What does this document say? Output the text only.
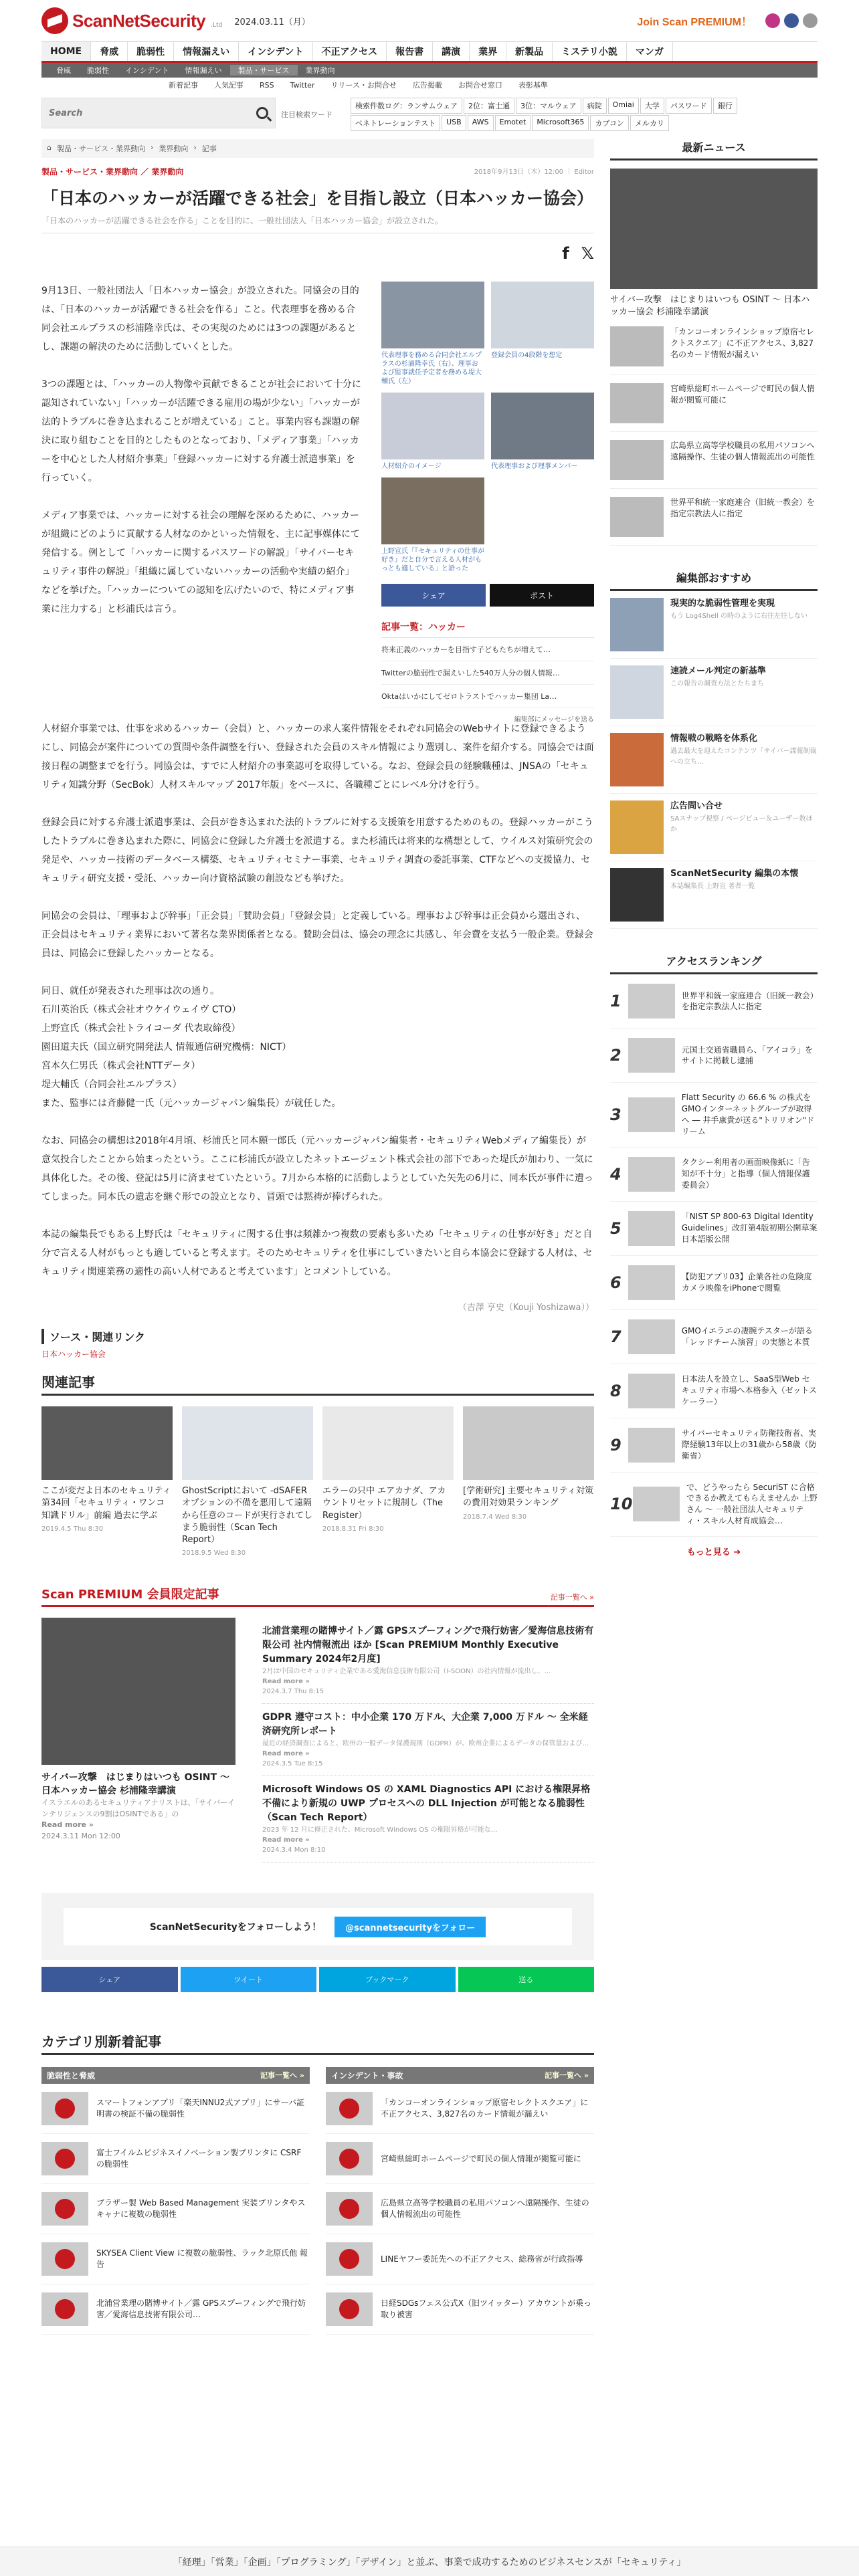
ScanNetSecurity .Ltd 2024.03.11（月）	Join Scan PREMIUM！
HOME	脅威	脆弱性	情報漏えい	インシデント	不正アクセス	報告書	講演	業界	新製品	ミステリ小説	マンガ
脅威	脆弱性	インシデント	情報漏えい	製品・サービス	業界動向
新着記事 人気記事 RSS Twitter リリース・お問合せ 広告掲載 お問合せ窓口 表彰基準
Search
注目検索ワード
検索件数ログ：ランサムウェア	2位：富士通	3位：マルウェア	病院	Omiai	大学	パスワード	銀行
ペネトレーションテスト	USB	AWS	Emotet	Microsoft365	カプコン	メルカリ
⌂ 製品・サービス・業界動向 › 業界動向 › 記事
製品・サービス・業界動向 ／ 業界動向	2018年9月13日（木）12:00 ｜ Editor
「日本のハッカーが活躍できる社会」を目指し設立（日本ハッカー協会）
「日本のハッカーが活躍できる社会を作る」ことを目的に、一般社団法人「日本ハッカー協会」が設立された。
f 𝕏

9月13日、一般社団法人「日本ハッカー協会」が設立された。同協会の目的は、「日本のハッカーが活躍できる社会を作る」こと。代表理事を務める合同会社エルプラスの杉浦隆幸氏は、その実現のためには3つの課題があるとし、課題の解決のために活動していくとした。

3つの課題とは、「ハッカーの人物像や貢献できることが社会において十分に認知されていない」「ハッカーが活躍できる雇用の場が少ない」「ハッカーが法的トラブルに巻き込まれることが増えている」こと。事業内容も課題の解決に取り組むことを目的としたものとなっており、「メディア事業」「ハッカーを中心とした人材紹介事業」「登録ハッカーに対する弁護士派遣事業」を行っていく。

メディア事業では、ハッカーに対する社会の理解を深めるために、ハッカーが組織にどのように貢献する人材なのかといった情報を、主に記事媒体にて発信する。例として「ハッカーに関するパスワードの解説」「サイバーセキュリティ事件の解説」「組織に属していないハッカーの活動や実績の紹介」などを挙げた。「ハッカーについての認知を広げたいので、特にメディア事業に注力する」と杉浦氏は言う。

代表理事を務める合同会社エルプラスの杉浦隆幸氏（右）、理事および監事就任予定者を務める堤大輔氏（左）
登録会員の4段階を想定
人材紹介のイメージ	代表理事および理事メンバー
上野宣氏「『セキュリティの仕事が好き』だと自分で言える人材がもっとも適している」と語った
シェア	ポスト
記事一覧：ハッカー
将来正義のハッカーを目指す子どもたちが増えて…
Twitterの脆弱性で漏えいした540万人分の個人情報…
Oktaはいかにしてゼロトラストでハッカー集団 La…

編集部にメッセージを送る

人材紹介事業では、仕事を求めるハッカー（会員）と、ハッカーの求人案件情報をそれぞれ同協会のWebサイトに登録できるようにし、同協会が案件についての質問や条件調整を行い、登録された会員のスキル情報により選別し、案件を紹介する。同協会では面接日程の調整までを行う。同協会は、すでに人材紹介の事業認可を取得している。なお、登録会員の経験職種は、JNSAの「セキュリティ知識分野（SecBok）人材スキルマップ 2017年版」をベースに、各職種ごとにレベル分けを行う。

登録会員に対する弁護士派遣事業は、会員が巻き込まれた法的トラブルに対する支援策を用意するためのもの。登録ハッカーがこうしたトラブルに巻き込まれた際に、同協会に登録した弁護士を派遣する。また杉浦氏は将来的な構想として、ウイルス対策研究会の発足や、ハッカー技術のデータベース構築、セキュリティセミナー事業、セキュリティ調査の委託事業、CTFなどへの支援協力、セキュリティ研究支援・受託、ハッカー向け資格試験の創設なども挙げた。

同協会の会員は、「理事および幹事」「正会員」「賛助会員」「登録会員」と定義している。理事および幹事は正会員から選出され、正会員はセキュリティ業界において著名な業界関係者となる。賛助会員は、協会の理念に共感し、年会費を支払う一般企業。登録会員は、同協会に登録したハッカーとなる。

同日、就任が発表された理事は次の通り。
石川英治氏（株式会社オウケイウェイヴ CTO）
上野宣氏（株式会社トライコーダ 代表取締役）
園田道夫氏（国立研究開発法人 情報通信研究機構：NICT）
宮本久仁男氏（株式会社NTTデータ）
堤大輔氏（合同会社エルプラス）
また、監事には斉藤健一氏（元ハッカージャパン編集長）が就任した。

なお、同協会の構想は2018年4月頃、杉浦氏と同本願一郎氏（元ハッカージャパン編集者・セキュリティWebメディア編集長）が意気投合したことから始まったという。ここに杉浦氏が設立したネットエージェント株式会社の部下であった堤氏が加わり、一気に具体化した。その後、登記は5月に済ませていたという。7月から本格的に活動しようとしていた矢先の6月に、同本氏が事件に遭ってしまった。同本氏の遺志を継ぐ形での設立となり、冒頭では黙祷が捧げられた。

本誌の編集長でもある上野氏は「セキュリティに関する仕事は頻雑かつ複数の要素も多いため「セキュリティの仕事が好き」だと自分で言える人材がもっとも適していると考えます。そのためセキュリティを仕事にしていきたいと自ら本協会に登録する人材は、セキュリティ関連業務の適性の高い人材であると考えています」とコメントしている。

（吉澤 亨史（Kouji Yoshizawa））
ソース・関連リンク
日本ハッカー協会
関連記事
ここが変だよ日本のセキュリティ 第34回「セキュリティ・ワンコ知識ドリル」前編 過去に学ぶ
2019.4.5 Thu 8:30
GhostScriptにおいて -dSAFER オプションの不備を悪用して遠隔から任意のコードが実行されてしまう脆弱性（Scan Tech Report）
2018.9.5 Wed 8:30
エラーの只中 エアカナダ、アカウントリセットに規制し（The Register）
2018.8.31 Fri 8:30
[学術研究] 主要セキュリティ対策の費用対効果ランキング
2018.7.4 Wed 8:30
Scan PREMIUM 会員限定記事	記事一覧へ »
サイバー攻撃　はじまりはいつも OSINT ～ 日本ハッカー協会 杉浦隆幸講演

イスラエルのあるセキュリティアナリストは、「サイバーインテリジェンスの9割はOSINTである」の

Read more »

2024.3.11 Mon 12:00

北浦営業理の賭博サイト／露 GPSスプーフィングで飛行妨害／愛海信息技術有限公司 社内情報流出 ほか [Scan PREMIUM Monthly Executive Summary 2024年2月度]

2月は中国のセキュリティ企業である愛海信息技術有限公司（I-SOON）の社内情報が流出し、…

Read more »

2024.3.7 Thu 8:15

GDPR 遵守コスト：中小企業 170 万ドル、大企業 7,000 万ドル ～ 全米経済研究所レポート

最近の経済調査によると、欧州の一般データ保護規則（GDPR）が、欧州企業によるデータの保管量および…

Read more »

2024.3.5 Tue 8:15

Microsoft Windows OS の XAML Diagnostics API における権限昇格不備により新規の UWP プロセスへの DLL Injection が可能となる脆弱性（Scan Tech Report）

2023 年 12 月に修正された、Microsoft Windows OS の権限昇格が可能な…

Read more »

2024.3.4 Mon 8:10

ScanNetSecurityをフォローしよう！	@scannetsecurityをフォロー
シェア	ツイート	ブックマーク	送る
カテゴリ別新着記事
脆弱性と脅威	記事一覧へ »
スマートフォンアプリ「楽天INNU2式アプリ」にサーバ証明書の検証不備の脆弱性
富士フイルムビジネスイノベーション製プリンタに CSRF の脆弱性
ブラザー製 Web Based Management 実装プリンタやスキャナに複数の脆弱性
SKYSEA Client View に複数の脆弱性、ラック北原氏他 報告
北浦営業理の賭博サイト／露 GPSスプーフィングで飛行妨害／愛海信息技術有限公司…
インシデント・事故	記事一覧へ »
「カンコーオンラインショップ原宿セレクトスクエア」に不正アクセス、3,827名のカード情報が漏えい
宮崎県総町ホームページで町民の個人情報が閲覧可能に
広島県立高等学校職員の私用パソコンへ遠隔操作、生徒の個人情報流出の可能性
LINEヤフー委託先への不正アクセス、総務省が行政指導
日経SDGsフェス公式X（旧ツイッター）アカウントが乗っ取り被害
最新ニュース

サイバー攻撃　はじまりはいつも OSINT ～ 日本ハッカー協会 杉浦隆幸講演

「カンコーオンラインショップ原宿セレクトスクエア」に不正アクセス、3,827名のカード情報が漏えい
宮崎県総町ホームページで町民の個人情報が閲覧可能に
広島県立高等学校職員の私用パソコンへ遠隔操作、生徒の個人情報流出の可能性
世界平和統一家庭連合（旧統一教会）を指定宗教法人に指定
編集部おすすめ
現実的な脆弱性管理を実現
もう Log4Shell の時のように右往左往しない
速読メール判定の新基準
この報告の調査方法とたちまち
情報戦の戦略を体系化
過去最大を迎えたコンテンツ「サイバー諜報制裁への立ち…
広告問い合せ
SAスナップ視察 / ページビュー＆ユーザー数ほか
ScanNetSecurity 編集の本懐
本誌編集長 上野宣 著者一覧
アクセスランキング
1	世界平和統一家庭連合（旧統一教会）を指定宗教法人に指定
2	元国土交通省職員ら、「アイコラ」をサイトに掲載し逮捕
3
Flatt Security の 66.6 % の株式を GMOインターネットグループが取得へ ― 井手康貴が送る"トリリオン"ドリーム
4
タクシー利用者の画面映像紙に「告知が不十分」と指導（個人情報保護委員会）
5
「NIST SP 800-63 Digital Identity Guidelines」改訂第4版初期公開草案 日本語版公開
6	【防犯アプリ03】企業各社の危険度カメラ映像をiPhoneで閲覧
7	GMOイエラエの凄腕テスターが語る「レッドチーム演習」の実態と本質
8
日本法人を設立し、SaaS型Web セキュリティ市場へ本格参入（ゼットスケーラー）
9
サイバーセキュリティ防衛技術者、実際経験13年以上の31歳から58歳（防衛省）
10
で、どうやったら SecuriST に合格できるか教えてもらえませんか 上野さん ～ 一般社団法人セキュリティ・スキル人材育成協会…
もっと見る ➔
「経理」「営業」「企画」「プログラミング」「デザイン」と並ぶ、事業で成功するためのビジネスセンスが「セキュリティ」
